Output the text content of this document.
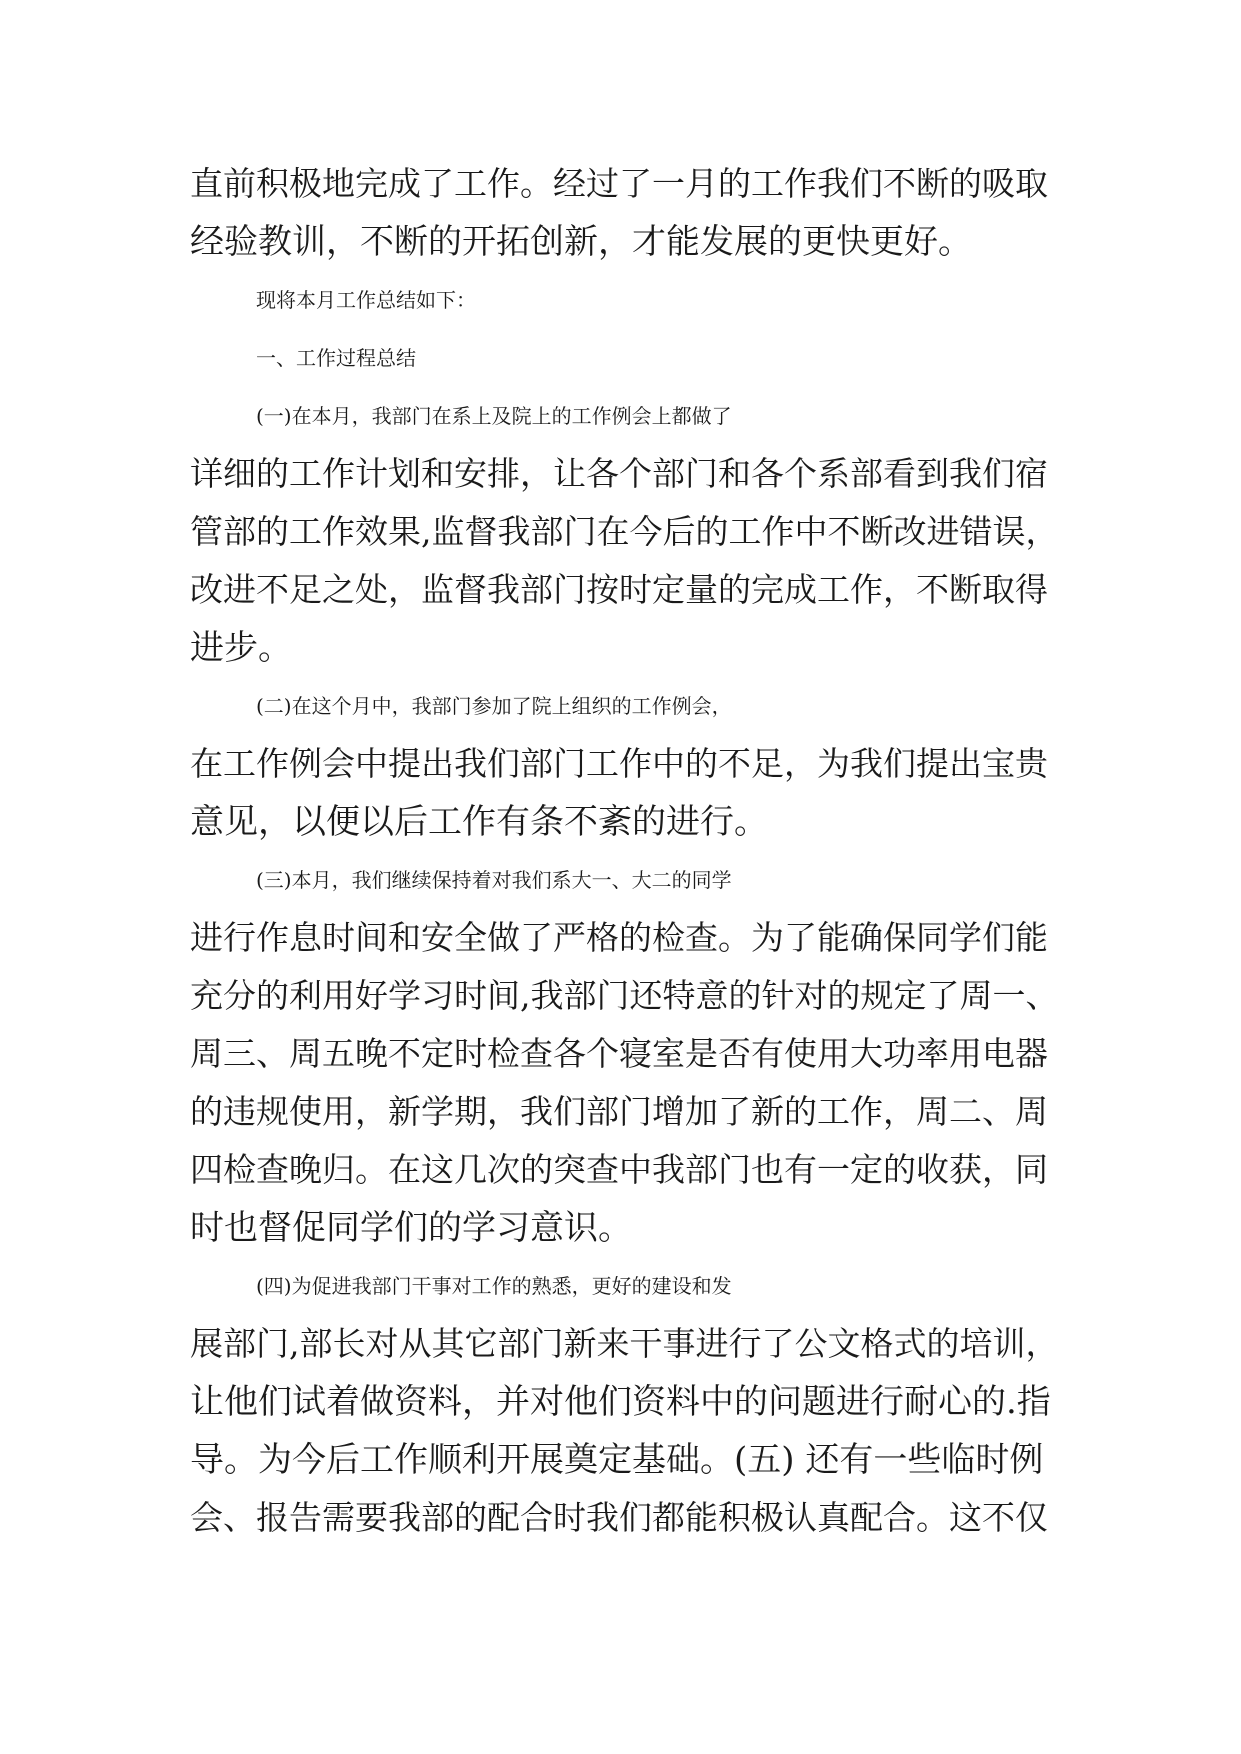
直前积极地完成了工作。经过了一月的工作我们不断的吸取
经验教训，不断的开拓创新，才能发展的更快更好。
现将本月工作总结如下：
一、工作过程总结
(一)在本月，我部门在系上及院上的工作例会上都做了
详细的工作计划和安排，让各个部门和各个系部看到我们宿
管部的工作效果,监督我部门在今后的工作中不断改进错误，
改进不足之处，监督我部门按时定量的完成工作，不断取得
进步。
(二)在这个月中，我部门参加了院上组织的工作例会，
在工作例会中提出我们部门工作中的不足，为我们提出宝贵
意见，以便以后工作有条不紊的进行。
(三)本月，我们继续保持着对我们系大一、大二的同学
进行作息时间和安全做了严格的检查。为了能确保同学们能
充分的利用好学习时间,我部门还特意的针对的规定了周一、
周三、周五晚不定时检查各个寝室是否有使用大功率用电器
的违规使用，新学期，我们部门增加了新的工作，周二、周
四检查晚归。在这几次的突查中我部门也有一定的收获，同
时也督促同学们的学习意识。
(四)为促进我部门干事对工作的熟悉，更好的建设和发
展部门,部长对从其它部门新来干事进行了公文格式的培训，
让他们试着做资料，并对他们资料中的问题进行耐心的.指
导。为今后工作顺利开展奠定基础。(五) 还有一些临时例
会、报告需要我部的配合时我们都能积极认真配合。这不仅
